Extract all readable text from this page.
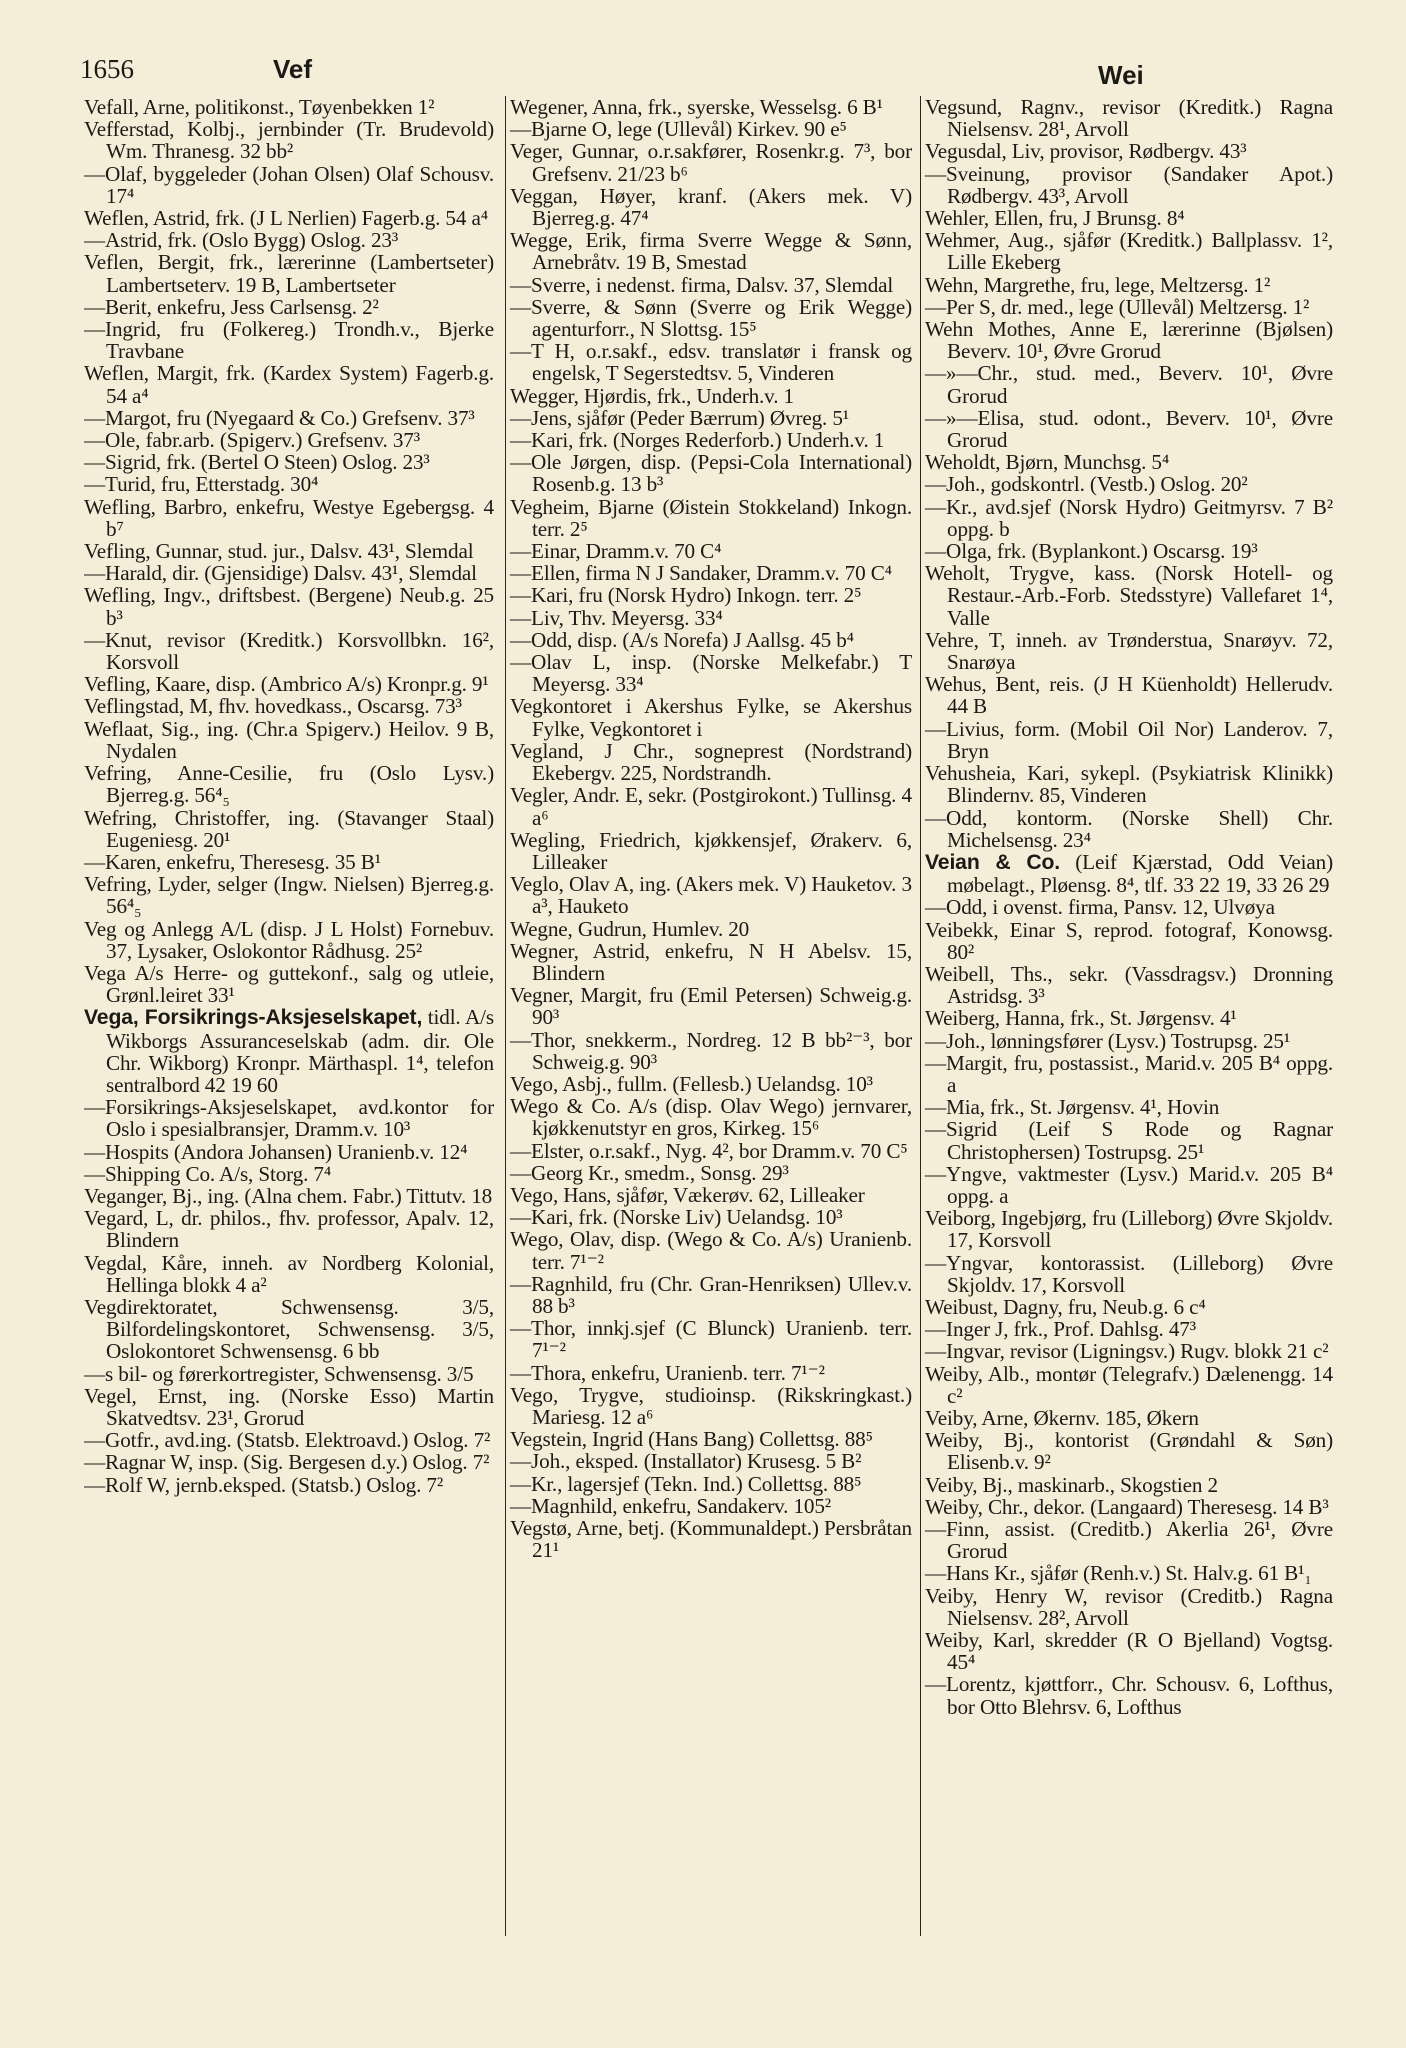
1656	Vef	Wei
Vefall, Arne, politikonst., Tøyenbekken 1²
Vefferstad, Kolbj., jernbinder (Tr. Brudevold) Wm. Thranesg. 32 bb²
—Olaf, byggeleder (Johan Olsen) Olaf Schousv. 17⁴
Weflen, Astrid, frk. (J L Nerlien) Fagerb.g. 54 a⁴
—Astrid, frk. (Oslo Bygg) Oslog. 23³
Veflen, Bergit, frk., lærerinne (Lambertseter) Lambertseterv. 19 B, Lambertseter
—Berit, enkefru, Jess Carlsensg. 2²
—Ingrid, fru (Folkereg.) Trondh.v., Bjerke Travbane
Weflen, Margit, frk. (Kardex System) Fagerb.g. 54 a⁴
—Margot, fru (Nyegaard & Co.) Grefsenv. 37³
—Ole, fabr.arb. (Spigerv.) Grefsenv. 37³
—Sigrid, frk. (Bertel O Steen) Oslog. 23³
—Turid, fru, Etterstadg. 30⁴
Wefling, Barbro, enkefru, Westye Egebergsg. 4 b⁷
Vefling, Gunnar, stud. jur., Dalsv. 43¹, Slemdal
—Harald, dir. (Gjensidige) Dalsv. 43¹, Slemdal
Wefling, Ingv., driftsbest. (Bergene) Neub.g. 25 b³
—Knut, revisor (Kreditk.) Korsvollbkn. 16², Korsvoll
Vefling, Kaare, disp. (Ambrico A/s) Kronpr.g. 9¹
Veflingstad, M, fhv. hovedkass., Oscarsg. 73³
Weflaat, Sig., ing. (Chr.a Spigerv.) Heilov. 9 B, Nydalen
Vefring, Anne-Cesilie, fru (Oslo Lysv.) Bjerreg.g. 56⁴₅
Wefring, Christoffer, ing. (Stavanger Staal) Eugeniesg. 20¹
—Karen, enkefru, Theresesg. 35 B¹
Vefring, Lyder, selger (Ingw. Nielsen) Bjerreg.g. 56⁴₅
Veg og Anlegg A/L (disp. J L Holst) Fornebuv. 37, Lysaker, Oslokontor Rådhusg. 25²
Vega A/s Herre- og guttekonf., salg og utleie, Grønl.leiret 33¹
Vega, Forsikrings-Aksjeselskapet, tidl. A/s Wikborgs Assuranceselskab (adm. dir. Ole Chr. Wikborg) Kronpr. Märthaspl. 1⁴, telefon sentralbord 42 19 60
—Forsikrings-Aksjeselskapet, avd.kontor for Oslo i spesialbransjer, Dramm.v. 10³
—Hospits (Andora Johansen) Uranienb.v. 12⁴
—Shipping Co. A/s, Storg. 7⁴
Veganger, Bj., ing. (Alna chem. Fabr.) Tittutv. 18
Vegard, L, dr. philos., fhv. professor, Apalv. 12, Blindern
Vegdal, Kåre, inneh. av Nordberg Kolonial, Hellinga blokk 4 a²
Vegdirektoratet, Schwensensg. 3/5, Bilfordelingskontoret, Schwensensg. 3/5, Oslokontoret Schwensensg. 6 bb
—s bil- og førerkortregister, Schwensensg. 3/5
Vegel, Ernst, ing. (Norske Esso) Martin Skatvedtsv. 23¹, Grorud
—Gotfr., avd.ing. (Statsb. Elektroavd.) Oslog. 7²
—Ragnar W, insp. (Sig. Bergesen d.y.) Oslog. 7²
—Rolf W, jernb.eksped. (Statsb.) Oslog. 7²
Wegener, Anna, frk., syerske, Wesselsg. 6 B¹
—Bjarne O, lege (Ullevål) Kirkev. 90 e⁵
Veger, Gunnar, o.r.sakfører, Rosenkr.g. 7³, bor Grefsenv. 21/23 b⁶
Veggan, Høyer, kranf. (Akers mek. V) Bjerreg.g. 47⁴
Wegge, Erik, firma Sverre Wegge & Sønn, Arnebråtv. 19 B, Smestad
—Sverre, i nedenst. firma, Dalsv. 37, Slemdal
—Sverre, & Sønn (Sverre og Erik Wegge) agenturforr., N Slottsg. 15⁵
—T H, o.r.sakf., edsv. translatør i fransk og engelsk, T Segerstedtsv. 5, Vinderen
Wegger, Hjørdis, frk., Underh.v. 1
—Jens, sjåfør (Peder Bærrum) Øvreg. 5¹
—Kari, frk. (Norges Rederforb.) Underh.v. 1
—Ole Jørgen, disp. (Pepsi-Cola International) Rosenb.g. 13 b³
Vegheim, Bjarne (Øistein Stokkeland) Inkogn. terr. 2⁵
—Einar, Dramm.v. 70 C⁴
—Ellen, firma N J Sandaker, Dramm.v. 70 C⁴
—Kari, fru (Norsk Hydro) Inkogn. terr. 2⁵
—Liv, Thv. Meyersg. 33⁴
—Odd, disp. (A/s Norefa) J Aallsg. 45 b⁴
—Olav L, insp. (Norske Melkefabr.) T Meyersg. 33⁴
Vegkontoret i Akershus Fylke, se Akershus Fylke, Vegkontoret i
Vegland, J Chr., sogneprest (Nordstrand) Ekebergv. 225, Nordstrandh.
Vegler, Andr. E, sekr. (Postgirokont.) Tullinsg. 4 a⁶
Wegling, Friedrich, kjøkkensjef, Ørakerv. 6, Lilleaker
Veglo, Olav A, ing. (Akers mek. V) Hauketov. 3 a³, Hauketo
Wegne, Gudrun, Humlev. 20
Wegner, Astrid, enkefru, N H Abelsv. 15, Blindern
Vegner, Margit, fru (Emil Petersen) Schweig.g. 90³
—Thor, snekkerm., Nordreg. 12 B bb²⁻³, bor Schweig.g. 90³
Vego, Asbj., fullm. (Fellesb.) Uelandsg. 10³
Wego & Co. A/s (disp. Olav Wego) jernvarer, kjøkkenutstyr en gros, Kirkeg. 15⁶
—Elster, o.r.sakf., Nyg. 4², bor Dramm.v. 70 C⁵
—Georg Kr., smedm., Sonsg. 29³
Vego, Hans, sjåfør, Vækerøv. 62, Lilleaker
—Kari, frk. (Norske Liv) Uelandsg. 10³
Wego, Olav, disp. (Wego & Co. A/s) Uranienb. terr. 7¹⁻²
—Ragnhild, fru (Chr. Gran-Henriksen) Ullev.v. 88 b³
—Thor, innkj.sjef (C Blunck) Uranienb. terr. 7¹⁻²
—Thora, enkefru, Uranienb. terr. 7¹⁻²
Vego, Trygve, studioinsp. (Rikskringkast.) Mariesg. 12 a⁶
Vegstein, Ingrid (Hans Bang) Collettsg. 88⁵
—Joh., eksped. (Installator) Krusesg. 5 B²
—Kr., lagersjef (Tekn. Ind.) Collettsg. 88⁵
—Magnhild, enkefru, Sandakerv. 105²
Vegstø, Arne, betj. (Kommunaldept.) Persbråtan 21¹
Vegsund, Ragnv., revisor (Kreditk.) Ragna Nielsensv. 28¹, Arvoll
Vegusdal, Liv, provisor, Rødbergv. 43³
—Sveinung, provisor (Sandaker Apot.) Rødbergv. 43³, Arvoll
Wehler, Ellen, fru, J Brunsg. 8⁴
Wehmer, Aug., sjåfør (Kreditk.) Ballplassv. 1², Lille Ekeberg
Wehn, Margrethe, fru, lege, Meltzersg. 1²
—Per S, dr. med., lege (Ullevål) Meltzersg. 1²
Wehn Mothes, Anne E, lærerinne (Bjølsen) Beverv. 10¹, Øvre Grorud
—»—Chr., stud. med., Beverv. 10¹, Øvre Grorud
—»—Elisa, stud. odont., Beverv. 10¹, Øvre Grorud
Weholdt, Bjørn, Munchsg. 5⁴
—Joh., godskontrl. (Vestb.) Oslog. 20²
—Kr., avd.sjef (Norsk Hydro) Geitmyrsv. 7 B² oppg. b
—Olga, frk. (Byplankont.) Oscarsg. 19³
Weholt, Trygve, kass. (Norsk Hotell- og Restaur.-Arb.-Forb. Stedsstyre) Vallefaret 1⁴, Valle
Vehre, T, inneh. av Trønderstua, Snarøyv. 72, Snarøya
Wehus, Bent, reis. (J H Küenholdt) Hellerudv. 44 B
—Livius, form. (Mobil Oil Nor) Landerov. 7, Bryn
Vehusheia, Kari, sykepl. (Psykiatrisk Klinikk) Blindernv. 85, Vinderen
—Odd, kontorm. (Norske Shell) Chr. Michelsensg. 23⁴
Veian & Co. (Leif Kjærstad, Odd Veian) møbelagt., Pløensg. 8⁴, tlf. 33 22 19, 33 26 29
—Odd, i ovenst. firma, Pansv. 12, Ulvøya
Veibekk, Einar S, reprod. fotograf, Konowsg. 80²
Weibell, Ths., sekr. (Vassdragsv.) Dronning Astridsg. 3³
Weiberg, Hanna, frk., St. Jørgensv. 4¹
—Joh., lønningsfører (Lysv.) Tostrupsg. 25¹
—Margit, fru, postassist., Marid.v. 205 B⁴ oppg. a
—Mia, frk., St. Jørgensv. 4¹, Hovin
—Sigrid (Leif S Rode og Ragnar Christophersen) Tostrupsg. 25¹
—Yngve, vaktmester (Lysv.) Marid.v. 205 B⁴ oppg. a
Veiborg, Ingebjørg, fru (Lilleborg) Øvre Skjoldv. 17, Korsvoll
—Yngvar, kontorassist. (Lilleborg) Øvre Skjoldv. 17, Korsvoll
Weibust, Dagny, fru, Neub.g. 6 c⁴
—Inger J, frk., Prof. Dahlsg. 47³
—Ingvar, revisor (Ligningsv.) Rugv. blokk 21 c²
Weiby, Alb., montør (Telegrafv.) Dælenengg. 14 c²
Veiby, Arne, Økernv. 185, Økern
Weiby, Bj., kontorist (Grøndahl & Søn) Elisenb.v. 9²
Veiby, Bj., maskinarb., Skogstien 2
Weiby, Chr., dekor. (Langaard) Theresesg. 14 B³
—Finn, assist. (Creditb.) Akerlia 26¹, Øvre Grorud
—Hans Kr., sjåfør (Renh.v.) St. Halv.g. 61 B¹₁
Veiby, Henry W, revisor (Creditb.) Ragna Nielsensv. 28², Arvoll
Weiby, Karl, skredder (R O Bjelland) Vogtsg. 45⁴
—Lorentz, kjøttforr., Chr. Schousv. 6, Lofthus, bor Otto Blehrsv. 6, Lofthus
